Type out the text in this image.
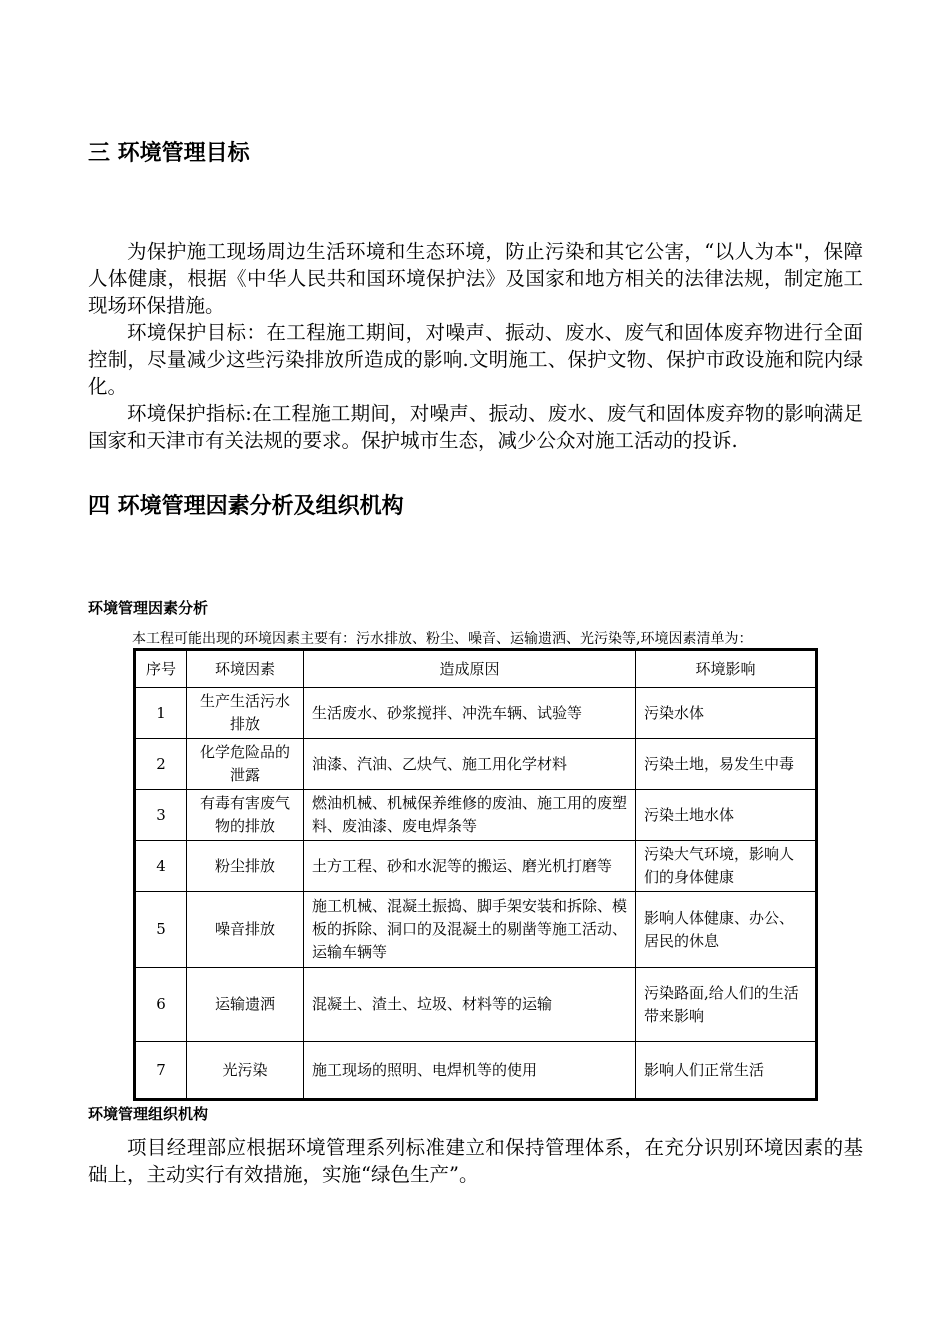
三 环境管理目标

为保护施工现场周边生活环境和生态环境，防止污染和其它公害，“以人为本"，保障人体健康，根据《中华人民共和国环境保护法》及国家和地方相关的法律法规，制定施工现场环保措施。

环境保护目标：在工程施工期间，对噪声、振动、废水、废气和固体废弃物进行全面控制，尽量减少这些污染排放所造成的影响.文明施工、保护文物、保护市政设施和院内绿化。

环境保护指标:在工程施工期间，对噪声、振动、废水、废气和固体废弃物的影响满足国家和天津市有关法规的要求。保护城市生态，减少公众对施工活动的投诉.

四 环境管理因素分析及组织机构
环境管理因素分析
本工程可能出现的环境因素主要有：污水排放、粉尘、噪音、运输遗洒、光污染等,环境因素清单为：
序号	环境因素	造成原因	环境影响
1	生产生活污水排放	生活废水、砂浆搅拌、冲洗车辆、试验等	污染水体
2	化学危险品的泄露	油漆、汽油、乙炔气、施工用化学材料	污染土地，易发生中毒
3	有毒有害废气物的排放	燃油机械、机械保养维修的废油、施工用的废塑料、废油漆、废电焊条等	污染土地水体
4	粉尘排放	土方工程、砂和水泥等的搬运、磨光机打磨等	污染大气环境，影响人们的身体健康
5	噪音排放	施工机械、混凝土振捣、脚手架安装和拆除、模板的拆除、洞口的及混凝土的剔凿等施工活动、运输车辆等	影响人体健康、办公、居民的休息
6	运输遗洒	混凝土、渣土、垃圾、材料等的运输	污染路面,给人们的生活带来影响
7	光污染	施工现场的照明、电焊机等的使用	影响人们正常生活
环境管理组织机构

项目经理部应根据环境管理系列标准建立和保持管理体系，在充分识别环境因素的基础上，主动实行有效措施，实施“绿色生产”。
